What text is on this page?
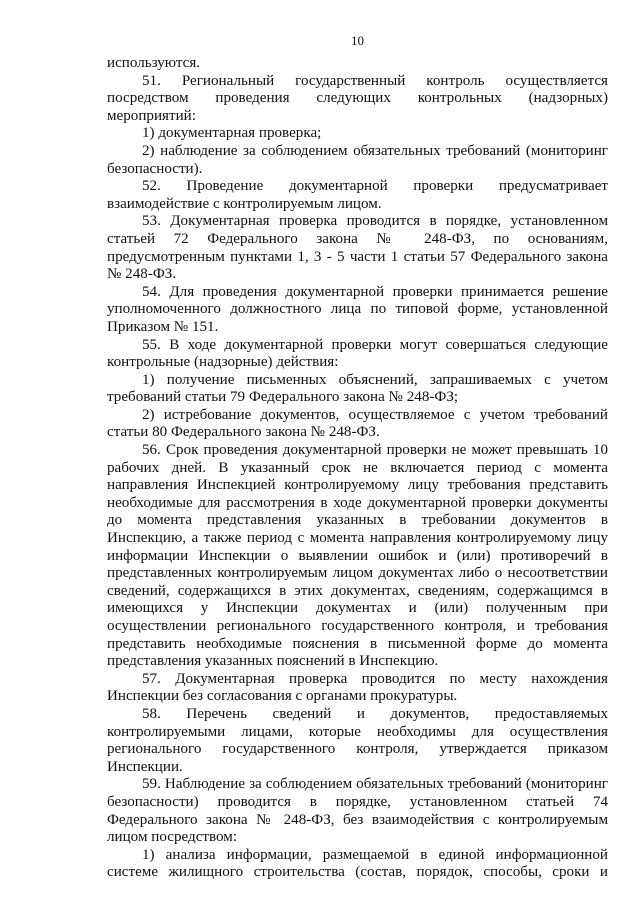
10

используются.

51. Региональный государственный контроль осуществляется посредством проведения следующих контрольных (надзорных) мероприятий:

1) документарная проверка;

2) наблюдение за соблюдением обязательных требований (мониторинг безопасности).

52. Проведение документарной проверки предусматривает взаимодействие с контролируемым лицом.

53. Документарная проверка проводится в порядке, установленном статьей 72 Федерального закона № 248-ФЗ, по основаниям, предусмотренным пунктами 1, 3 - 5 части 1 статьи 57 Федерального закона № 248-ФЗ.

54. Для проведения документарной проверки принимается решение уполномоченного должностного лица по типовой форме, установленной Приказом № 151.

55. В ходе документарной проверки могут совершаться следующие контрольные (надзорные) действия:

1) получение письменных объяснений, запрашиваемых с учетом требований статьи 79 Федерального закона № 248-ФЗ;

2) истребование документов, осуществляемое с учетом требований статьи 80 Федерального закона № 248-ФЗ.

56. Срок проведения документарной проверки не может превышать 10 рабочих дней. В указанный срок не включается период с момента направления Инспекцией контролируемому лицу требования представить необходимые для рассмотрения в ходе документарной проверки документы до момента представления указанных в требовании документов в Инспекцию, а также период с момента направления контролируемому лицу информации Инспекции о выявлении ошибок и (или) противоречий в представленных контролируемым лицом документах либо о несоответствии сведений, содержащихся в этих документах, сведениям, содержащимся в имеющихся у Инспекции документах и (или) полученным при осуществлении регионального государственного контроля, и требования представить необходимые пояснения в письменной форме до момента представления указанных пояснений в Инспекцию.

57. Документарная проверка проводится по месту нахождения Инспекции без согласования с органами прокуратуры.

58. Перечень сведений и документов, предоставляемых контролируемыми лицами, которые необходимы для осуществления регионального государственного контроля, утверждается приказом Инспекции.

59. Наблюдение за соблюдением обязательных требований (мониторинг безопасности) проводится в порядке, установленном статьей 74 Федерального закона № 248-ФЗ, без взаимодействия с контролируемым лицом посредством:

1) анализа информации, размещаемой в единой информационной системе жилищного строительства (состав, порядок, способы, сроки и
